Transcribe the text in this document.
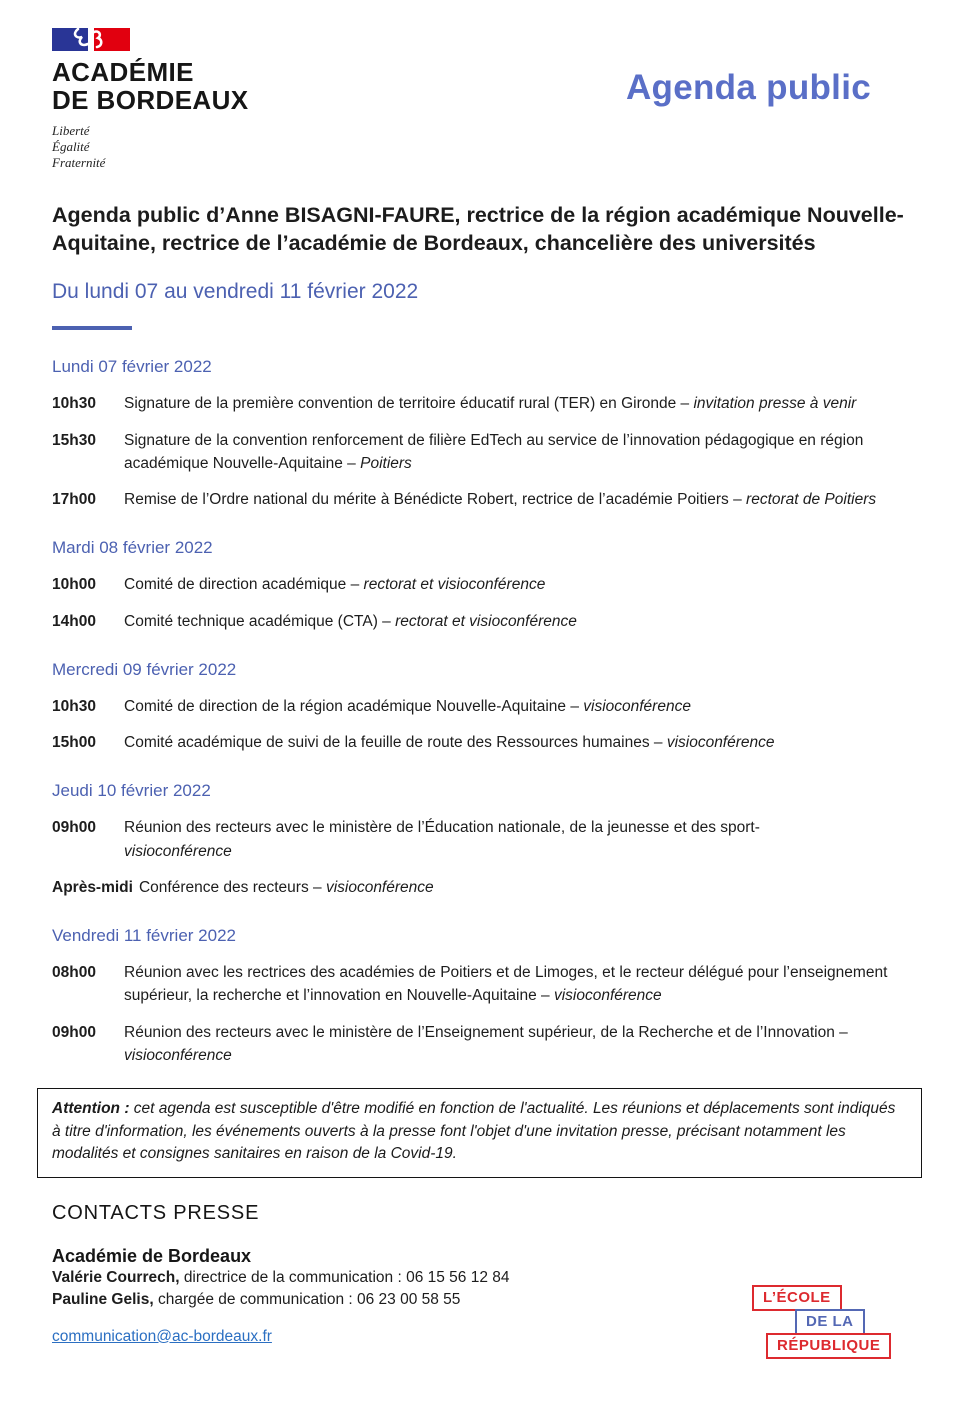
ACADÉMIE
DE BORDEAUX
Liberté
Égalité
Fraternité
Agenda public
Agenda public d’Anne BISAGNI-FAURE, rectrice de la région académique Nouvelle-Aquitaine, rectrice de l’académie de Bordeaux, chancelière des universités
Du lundi 07 au vendredi 11 février 2022
Lundi 07 février 2022
10h30	Signature de la première convention de territoire éducatif rural (TER) en Gironde – invitation presse à venir
15h30	Signature de la convention renforcement de filière EdTech au service de l’innovation pédagogique en région académique Nouvelle-Aquitaine – Poitiers
17h00	Remise de l’Ordre national du mérite à Bénédicte Robert, rectrice de l’académie Poitiers – rectorat de Poitiers
Mardi 08 février 2022
10h00	Comité de direction académique – rectorat et visioconférence
14h00	Comité technique académique (CTA) – rectorat et visioconférence
Mercredi 09 février 2022
10h30	Comité de direction de la région académique Nouvelle-Aquitaine – visioconférence
15h00	Comité académique de suivi de la feuille de route des Ressources humaines – visioconférence
Jeudi 10 février 2022
09h00	Réunion des recteurs avec le ministère de l’Éducation nationale, de la jeunesse et des sport-
visioconférence
Après-midi Conférence des recteurs – visioconférence
Vendredi 11 février 2022
08h00	Réunion avec les rectrices des académies de Poitiers et de Limoges, et le recteur délégué pour l’enseignement supérieur, la recherche et l’innovation en Nouvelle-Aquitaine – visioconférence
09h00	Réunion des recteurs avec le ministère de l’Enseignement supérieur, de la Recherche et de l’Innovation –
visioconférence
Attention : cet agenda est susceptible d'être modifié en fonction de l'actualité. Les réunions et déplacements sont indiqués à titre d'information, les événements ouverts à la presse font l'objet d'une invitation presse, précisant notamment les modalités et consignes sanitaires en raison de la Covid-19.
CONTACTS PRESSE
Académie de Bordeaux
Valérie Courrech, directrice de la communication : 06 15 56 12 84
Pauline Gelis, chargée de communication : 06 23 00 58 55
communication@ac-bordeaux.fr
L’ÉCOLE
DE LA
RÉPUBLIQUE
